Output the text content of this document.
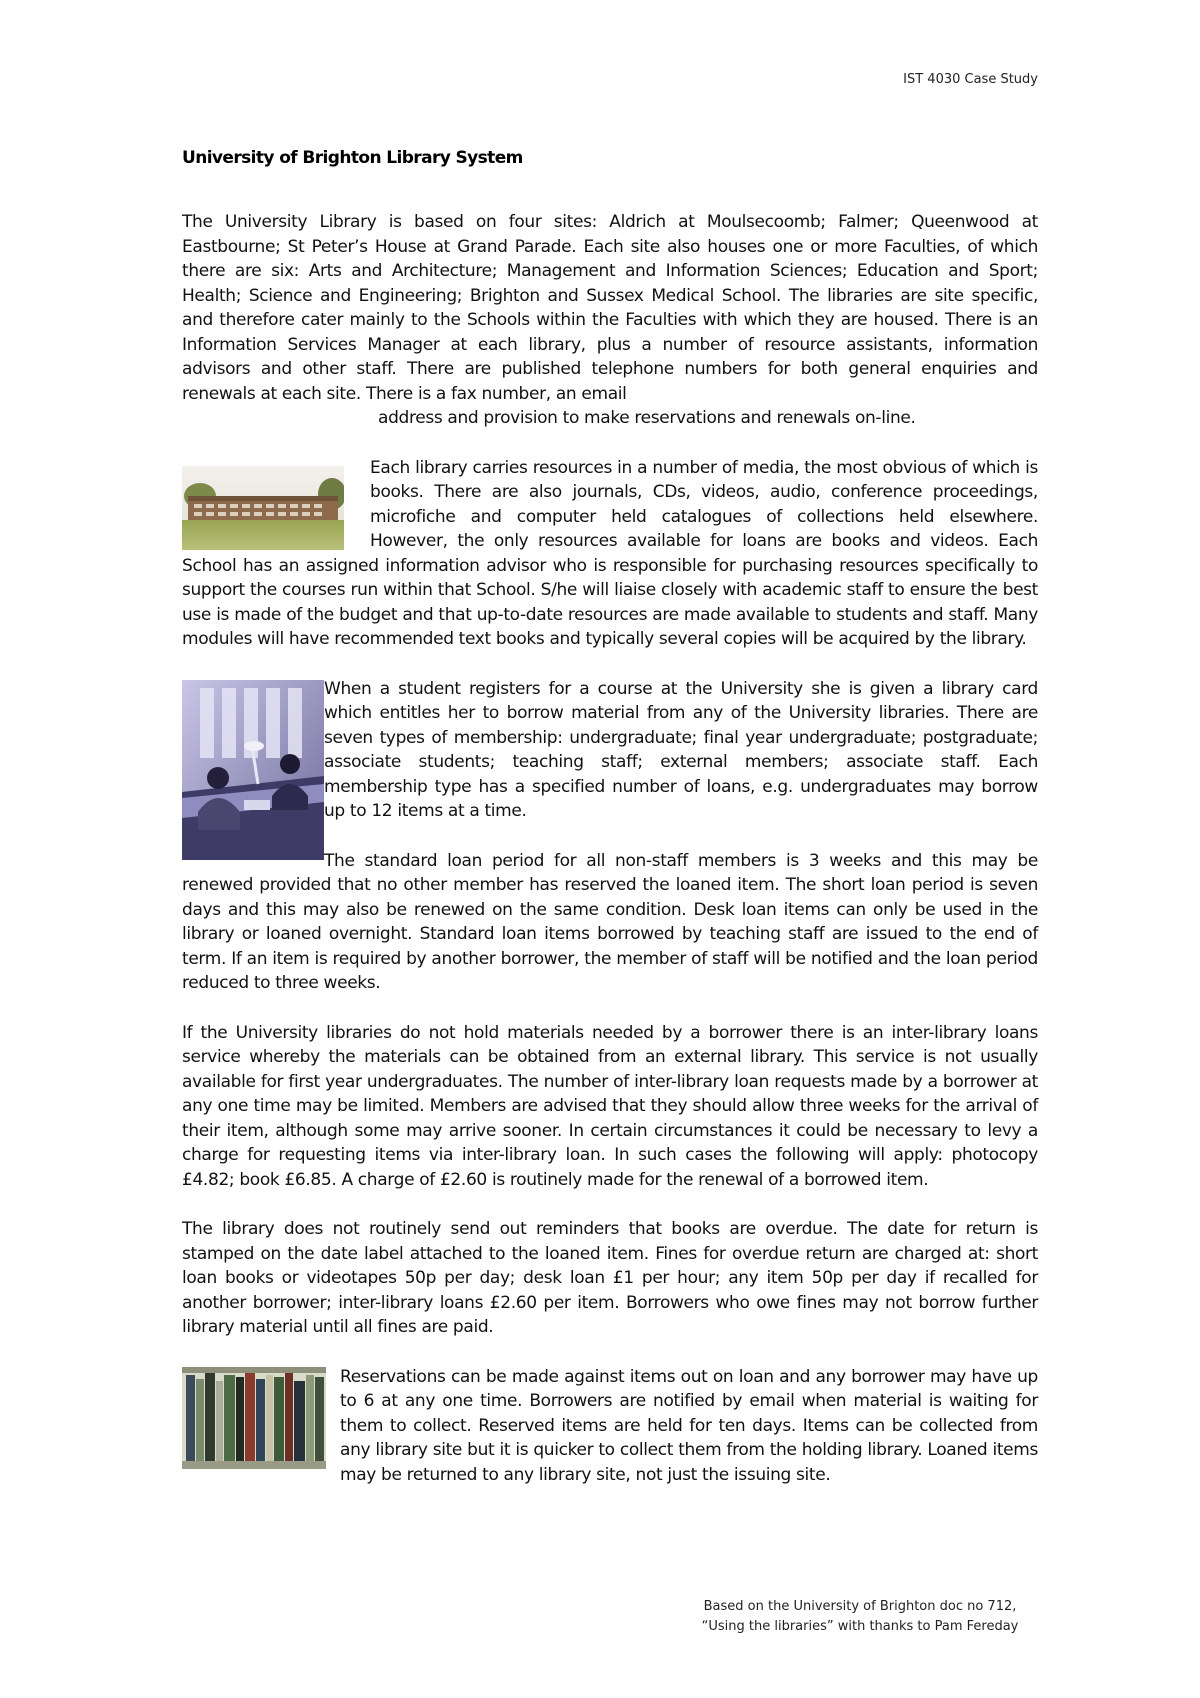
IST 4030 Case Study
University of Brighton Library System

The University Library is based on four sites: Aldrich at Moulsecoomb; Falmer; Queenwood at Eastbourne; St Peter’s House at Grand Parade. Each site also houses one or more Faculties, of which there are six: Arts and Architecture; Management and Information Sciences; Education and Sport; Health; Science and Engineering; Brighton and Sussex Medical School. The libraries are site specific, and therefore cater mainly to the Schools within the Faculties with which they are housed. There is an Information Services Manager at each library, plus a number of resource assistants, information advisors and other staff. There are published telephone numbers for both general enquiries and renewals at each site. There is a fax number, an email
address and provision to make reservations and renewals on-line.

Each library carries resources in a number of media, the most obvious of which is books. There are also journals, CDs, videos, audio, conference proceedings, microfiche and computer held catalogues of collections held elsewhere. However, the only resources available for loans are books and videos. Each School has an assigned information advisor who is responsible for purchasing resources specifically to support the courses run within that School. S/he will liaise closely with academic staff to ensure the best use is made of the budget and that up-to-date resources are made available to students and staff. Many modules will have recommended text books and typically several copies will be acquired by the library.

When a student registers for a course at the University she is given a library card which entitles her to borrow material from any of the University libraries. There are seven types of membership: undergraduate; final year undergraduate; postgraduate; associate students; teaching staff; external members; associate staff. Each membership type has a specified number of loans, e.g. undergraduates may borrow up to 12 items at a time.

The standard loan period for all non-staff members is 3 weeks and this may be renewed provided that no other member has reserved the loaned item. The short loan period is seven days and this may also be renewed on the same condition. Desk loan items can only be used in the library or loaned overnight. Standard loan items borrowed by teaching staff are issued to the end of term. If an item is required by another borrower, the member of staff will be notified and the loan period reduced to three weeks.

If the University libraries do not hold materials needed by a borrower there is an inter-library loans service whereby the materials can be obtained from an external library. This service is not usually available for first year undergraduates. The number of inter-library loan requests made by a borrower at any one time may be limited. Members are advised that they should allow three weeks for the arrival of their item, although some may arrive sooner. In certain circumstances it could be necessary to levy a charge for requesting items via inter-library loan. In such cases the following will apply: photocopy £4.82; book £6.85. A charge of £2.60 is routinely made for the renewal of a borrowed item.

The library does not routinely send out reminders that books are overdue. The date for return is stamped on the date label attached to the loaned item. Fines for overdue return are charged at: short loan books or videotapes 50p per day; desk loan £1 per hour; any item 50p per day if recalled for another borrower; inter-library loans £2.60 per item. Borrowers who owe fines may not borrow further library material until all fines are paid.

Reservations can be made against items out on loan and any borrower may have up to 6 at any one time. Borrowers are notified by email when material is waiting for them to collect. Reserved items are held for ten days. Items can be collected from any library site but it is quicker to collect them from the holding library. Loaned items may be returned to any library site, not just the issuing site.

Based on the University of Brighton doc no 712,
“Using the libraries” with thanks to Pam Fereday
